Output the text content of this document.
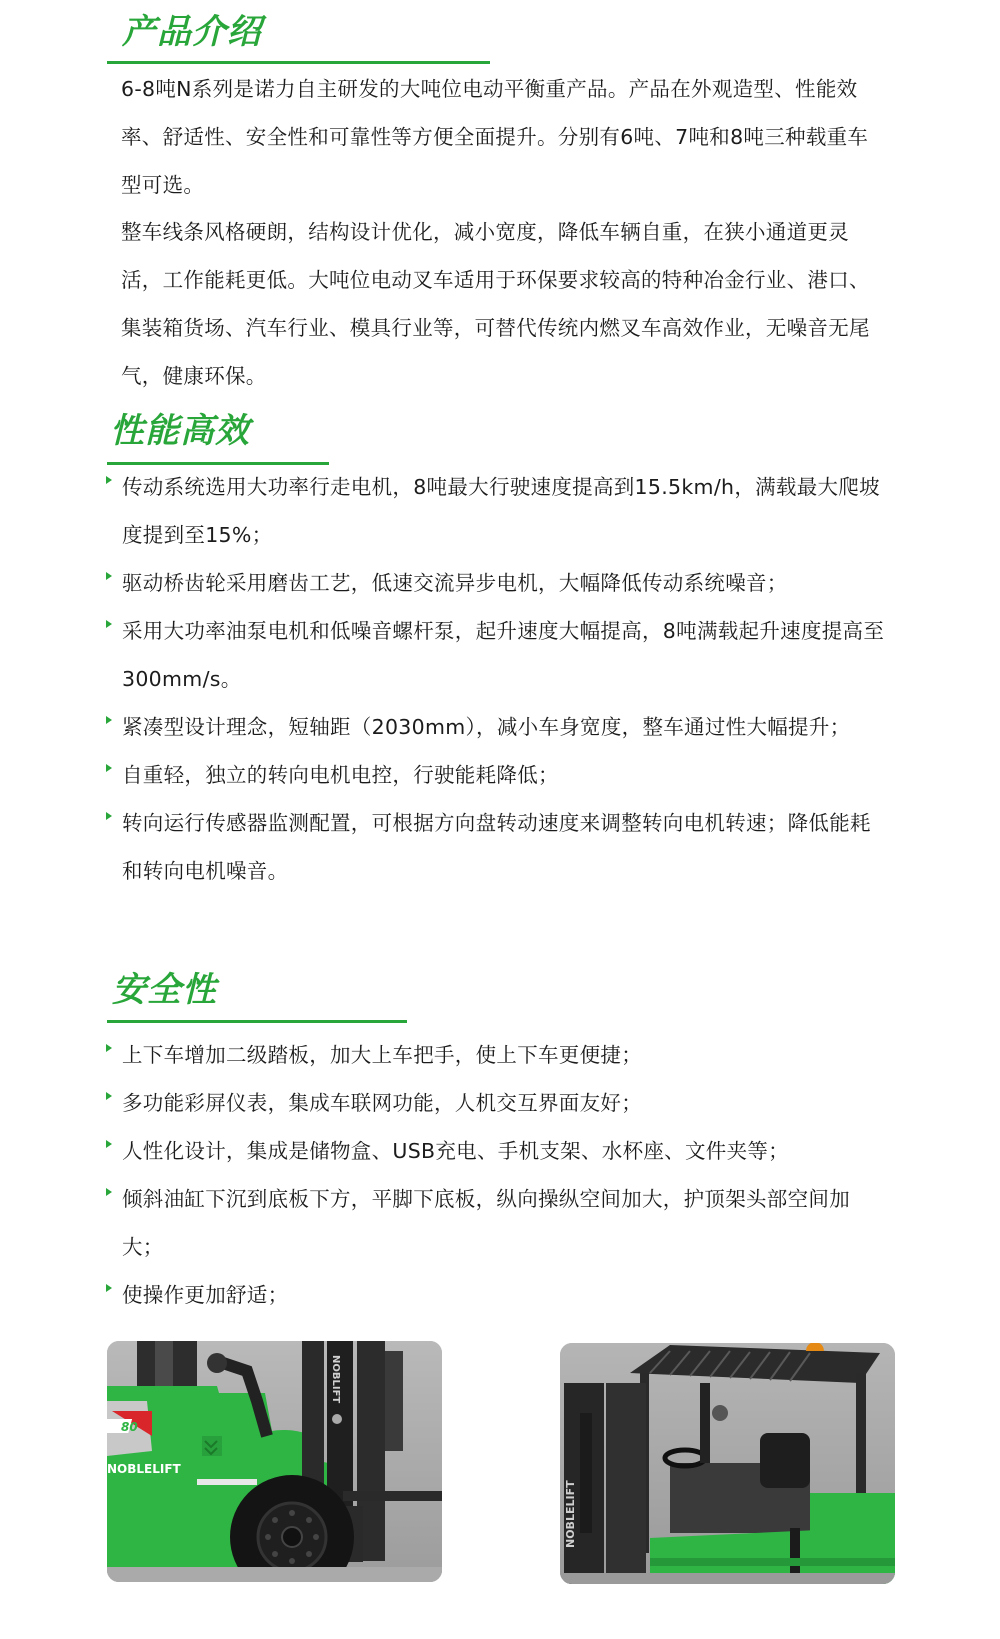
产品介绍

6-8吨N系列是诺力自主研发的大吨位电动平衡重产品。产品在外观造型、性能效率、舒适性、安全性和可靠性等方便全面提升。分别有6吨、7吨和8吨三种载重车型可选。

整车线条风格硬朗，结构设计优化，减小宽度，降低车辆自重，在狭小通道更灵活，工作能耗更低。大吨位电动叉车适用于环保要求较高的特种冶金行业、港口、集装箱货场、汽车行业、模具行业等，可替代传统内燃叉车高效作业，无噪音无尾气，健康环保。

性能高效
传动系统选用大功率行走电机，8吨最大行驶速度提高到15.5km/h，满载最大爬坡度提到至15%；
驱动桥齿轮采用磨齿工艺，低速交流异步电机，大幅降低传动系统噪音；
采用大功率油泵电机和低噪音螺杆泵，起升速度大幅提高，8吨满载起升速度提高至300mm/s。
紧凑型设计理念，短轴距（2030mm），减小车身宽度，整车通过性大幅提升；
自重轻，独立的转向电机电控，行驶能耗降低；
转向运行传感器监测配置，可根据方向盘转动速度来调整转向电机转速；降低能耗和转向电机噪音。
安全性
上下车增加二级踏板，加大上车把手，使上下车更便捷；
多功能彩屏仪表，集成车联网功能，人机交互界面友好；
人性化设计，集成是储物盒、USB充电、手机支架、水杯座、文件夹等；
倾斜油缸下沉到底板下方，平脚下底板，纵向操纵空间加大，护顶架头部空间加大；
使操作更加舒适；
80
NOBLELIFT
NOBLIFT
NOBLELIFT
